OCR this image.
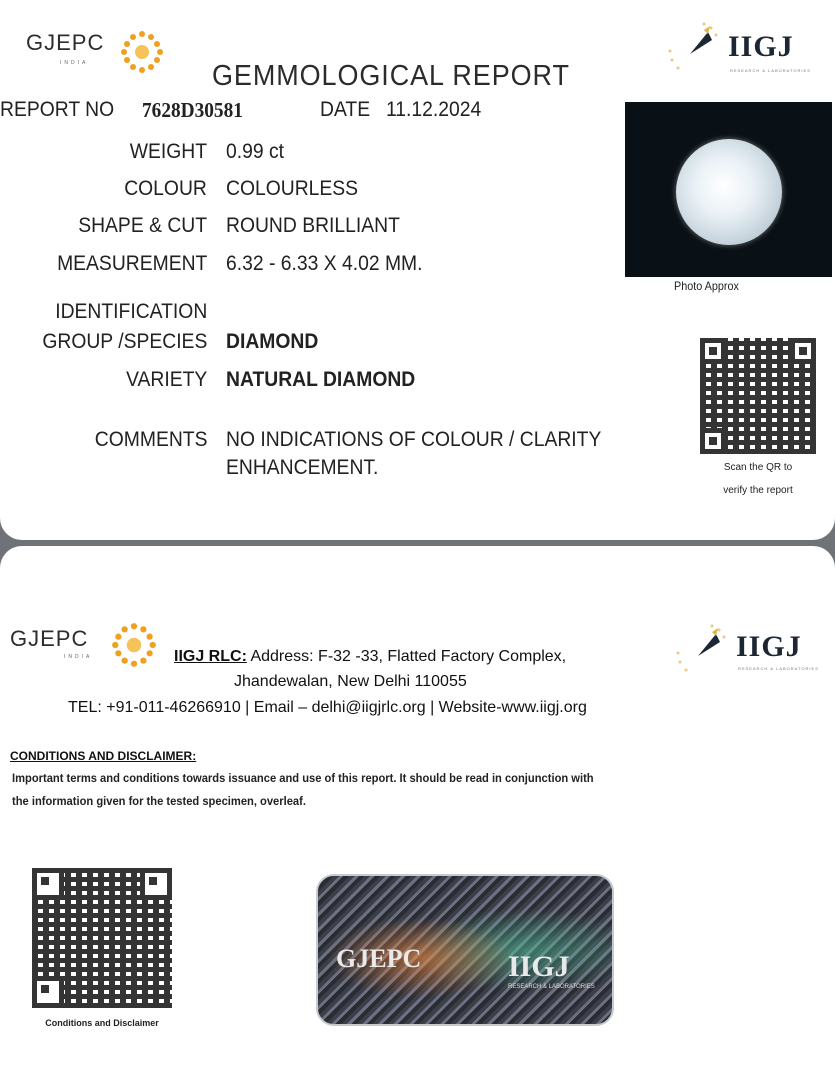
GJEPC
INDIA	IIGJ
RESEARCH & LABORATORIES
GEMMOLOGICAL REPORT
REPORT NO 7628D30581	DATE 11.12.2024
WEIGHT 0.99 ct
COLOUR COLOURLESS
SHAPE & CUT ROUND BRILLIANT
MEASUREMENT 6.32 - 6.33 X 4.02 MM.
IDENTIFICATION
GROUP /SPECIES DIAMOND
VARIETY NATURAL DIAMOND
COMMENTS NO INDICATIONS OF COLOUR / CLARITY
ENHANCEMENT.
Photo Approx
Scan the QR to
verify the report
GJEPC
INDIA	IIGJ
RESEARCH & LABORATORIES
IIGJ RLC: Address: F-32 -33, Flatted Factory Complex,
Jhandewalan, New Delhi 110055
TEL: +91-011-46266910 | Email – delhi@iigjrlc.org | Website-www.iigj.org
CONDITIONS AND DISCLAIMER:
Important terms and conditions towards issuance and use of this report. It should be read in conjunction with
the information given for the tested specimen, overleaf.
Conditions and Disclaimer
GJEPC	IIGJ
RESEARCH & LABORATORIES
